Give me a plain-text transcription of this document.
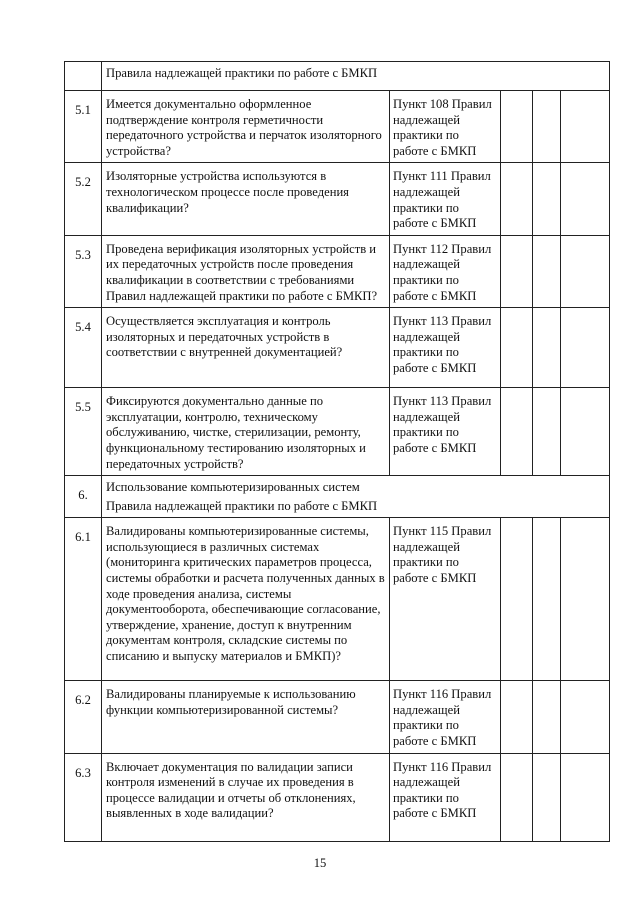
	Правила надлежащей практики по работе с БМКП				

5.1	Имеется документально оформленное подтверждение контроля герметичности передаточного устройства и перчаток изоляторного устройства?	Пункт 108 Правил надлежащей практики по работе с БМКП			
5.2	Изоляторные устройства используются в технологическом процессе после проведения квалификации?	Пункт 111 Правил надлежащей практики по работе с БМКП			
5.3	Проведена верификация изоляторных устройств и их передаточных устройств после проведения квалификации в соответствии с требованиями Правил надлежащей практики по работе с БМКП?	Пункт 112 Правил надлежащей практики по работе с БМКП			
5.4	Осуществляется эксплуатация и контроль изоляторных и передаточных устройств в соответствии с внутренней документацией?	Пункт 113 Правил надлежащей практики по работе с БМКП			
5.5	Фиксируются документально данные по эксплуатации, контролю, техническому обслуживанию, чистке, стерилизации, ремонту, функциональному тестированию изоляторных и передаточных устройств?	Пункт 113 Правил надлежащей практики по работе с БМКП			
6.	Использование компьютеризированных систем
Правила надлежащей практики по работе с БМКП				

6.1	Валидированы компьютеризированные системы, использующиеся в различных системах (мониторинга критических параметров процесса, системы обработки и расчета полученных данных в ходе проведения анализа, системы документооборота, обеспечивающие согласование, утверждение, хранение, доступ к внутренним документам контроля, складские системы по списанию и выпуску материалов и БМКП)?	Пункт 115 Правил надлежащей практики по работе с БМКП			
6.2	Валидированы планируемые к использованию функции компьютеризированной системы?	Пункт 116 Правил надлежащей практики по работе с БМКП			
6.3	Включает документация по валидации записи контроля изменений в случае их проведения в процессе валидации и отчеты об отклонениях, выявленных в ходе валидации?	Пункт 116 Правил надлежащей практики по работе с БМКП			
15
